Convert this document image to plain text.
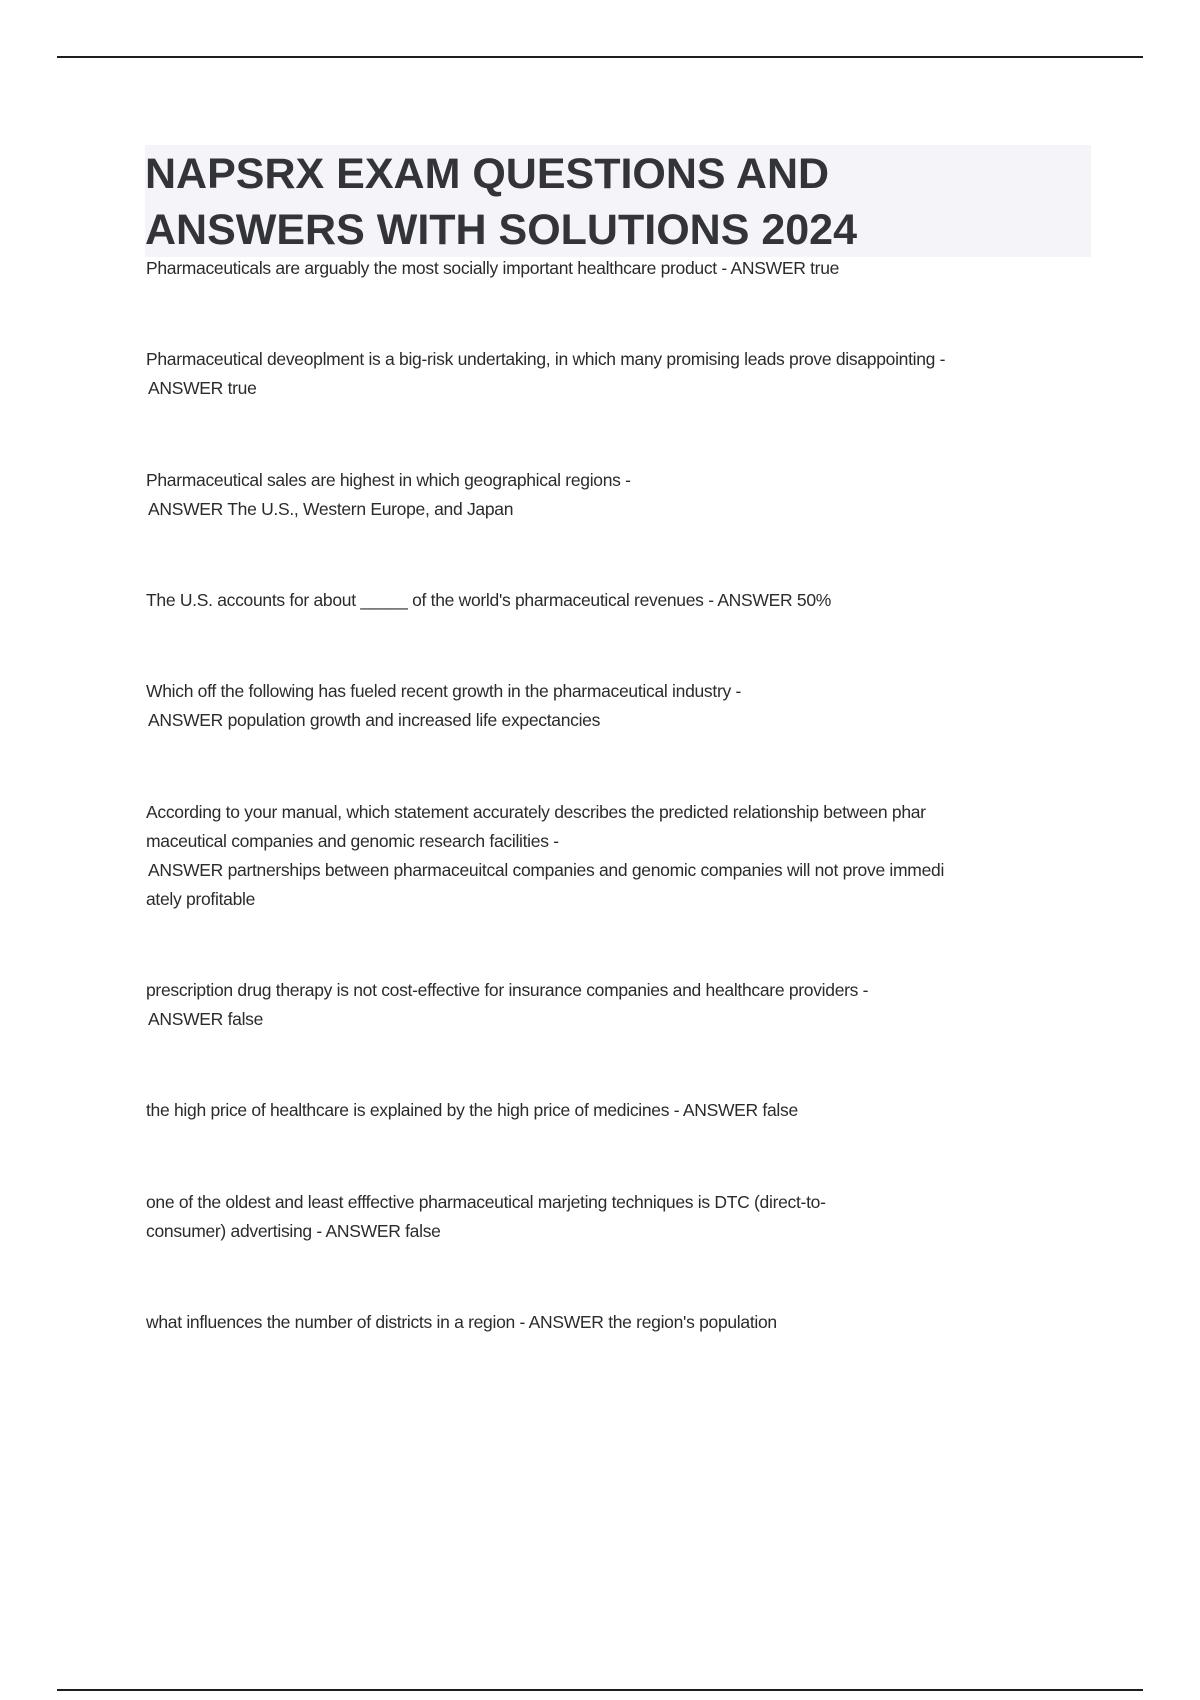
NAPSRX EXAM QUESTIONS AND
ANSWERS WITH SOLUTIONS 2024
Pharmaceuticals are arguably the most socially important healthcare product - ANSWER true
Pharmaceutical deveoplment is a big-risk undertaking, in which many promising leads prove disappointing -
ANSWER true
Pharmaceutical sales are highest in which geographical regions -
ANSWER The U.S., Western Europe, and Japan
The U.S. accounts for about _____ of the world's pharmaceutical revenues - ANSWER 50%
Which off the following has fueled recent growth in the pharmaceutical industry -
ANSWER population growth and increased life expectancies
According to your manual, which statement accurately describes the predicted relationship between phar
maceutical companies and genomic research facilities -
ANSWER partnerships between pharmaceuitcal companies and genomic companies will not prove immedi
ately profitable
prescription drug therapy is not cost-effective for insurance companies and healthcare providers -
ANSWER false
the high price of healthcare is explained by the high price of medicines - ANSWER false
one of the oldest and least efffective pharmaceutical marjeting techniques is DTC (direct-to-
consumer) advertising - ANSWER false
what influences the number of districts in a region - ANSWER the region's population
